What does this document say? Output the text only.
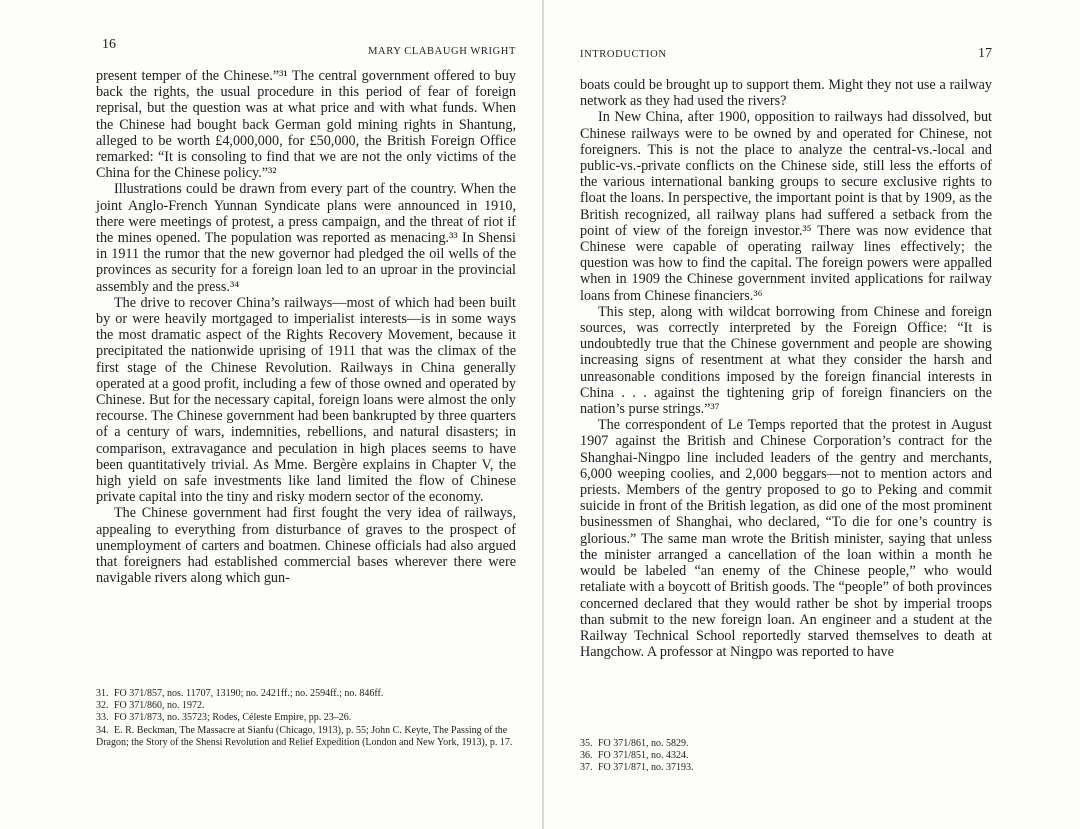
16	MARY CLABAUGH WRIGHT

present temper of the Chinese.”³¹ The central government offered to buy back the rights, the usual procedure in this period of fear of foreign reprisal, but the question was at what price and with what funds. When the Chinese had bought back German gold mining rights in Shantung, alleged to be worth £4,000,000, for £50,000, the British Foreign Office remarked: “It is consoling to find that we are not the only victims of the China for the Chinese policy.”³²

Illustrations could be drawn from every part of the country. When the joint Anglo-French Yunnan Syndicate plans were announced in 1910, there were meetings of protest, a press campaign, and the threat of riot if the mines opened. The population was reported as menacing.³³ In Shensi in 1911 the rumor that the new governor had pledged the oil wells of the provinces as security for a foreign loan led to an uproar in the provincial assembly and the press.³⁴

The drive to recover China’s railways—most of which had been built by or were heavily mortgaged to imperialist interests—is in some ways the most dramatic aspect of the Rights Recovery Movement, because it precipitated the nationwide uprising of 1911 that was the climax of the first stage of the Chinese Revolution. Railways in China generally operated at a good profit, including a few of those owned and operated by Chinese. But for the necessary capital, foreign loans were almost the only recourse. The Chinese government had been bankrupted by three quarters of a century of wars, indemnities, rebellions, and natural disasters; in comparison, extravagance and peculation in high places seems to have been quantitatively trivial. As Mme. Bergère explains in Chapter V, the high yield on safe investments like land limited the flow of Chinese private capital into the tiny and risky modern sector of the economy.

The Chinese government had first fought the very idea of railways, appealing to everything from disturbance of graves to the prospect of unemployment of carters and boatmen. Chinese officials had also argued that foreigners had established commercial bases wherever there were navigable rivers along which gun-

31. FO 371/857, nos. 11707, 13190; no. 2421ff.; no. 2594ff.; no. 846ff.

32. FO 371/860, no. 1972.

33. FO 371/873, no. 35723; Rodes, Céleste Empire, pp. 23–26.

34. E. R. Beckman, The Massacre at Sianfu (Chicago, 1913), p. 55; John C. Keyte, The Passing of the Dragon; the Story of the Shensi Revolution and Relief Expedition (London and New York, 1913), p. 17.

INTRODUCTION	17

boats could be brought up to support them. Might they not use a railway network as they had used the rivers?

In New China, after 1900, opposition to railways had dissolved, but Chinese railways were to be owned by and operated for Chinese, not foreigners. This is not the place to analyze the central-vs.-local and public-vs.-private conflicts on the Chinese side, still less the efforts of the various international banking groups to secure exclusive rights to float the loans. In perspective, the important point is that by 1909, as the British recognized, all railway plans had suffered a setback from the point of view of the foreign investor.³⁵ There was now evidence that Chinese were capable of operating railway lines effectively; the question was how to find the capital. The foreign powers were appalled when in 1909 the Chinese government invited applications for railway loans from Chinese financiers.³⁶

This step, along with wildcat borrowing from Chinese and foreign sources, was correctly interpreted by the Foreign Office: “It is undoubtedly true that the Chinese government and people are showing increasing signs of resentment at what they consider the harsh and unreasonable conditions imposed by the foreign financial interests in China . . . against the tightening grip of foreign financiers on the nation’s purse strings.”³⁷

The correspondent of Le Temps reported that the protest in August 1907 against the British and Chinese Corporation’s contract for the Shanghai-Ningpo line included leaders of the gentry and merchants, 6,000 weeping coolies, and 2,000 beggars—not to mention actors and priests. Members of the gentry proposed to go to Peking and commit suicide in front of the British legation, as did one of the most prominent businessmen of Shanghai, who declared, “To die for one’s country is glorious.” The same man wrote the British minister, saying that unless the minister arranged a cancellation of the loan within a month he would be labeled “an enemy of the Chinese people,” who would retaliate with a boycott of British goods. The “people” of both provinces concerned declared that they would rather be shot by imperial troops than submit to the new foreign loan. An engineer and a student at the Railway Technical School reportedly starved themselves to death at Hangchow. A professor at Ningpo was reported to have

35. FO 371/861, no. 5829.

36. FO 371/851, no. 4324.

37. FO 371/871, no. 37193.
